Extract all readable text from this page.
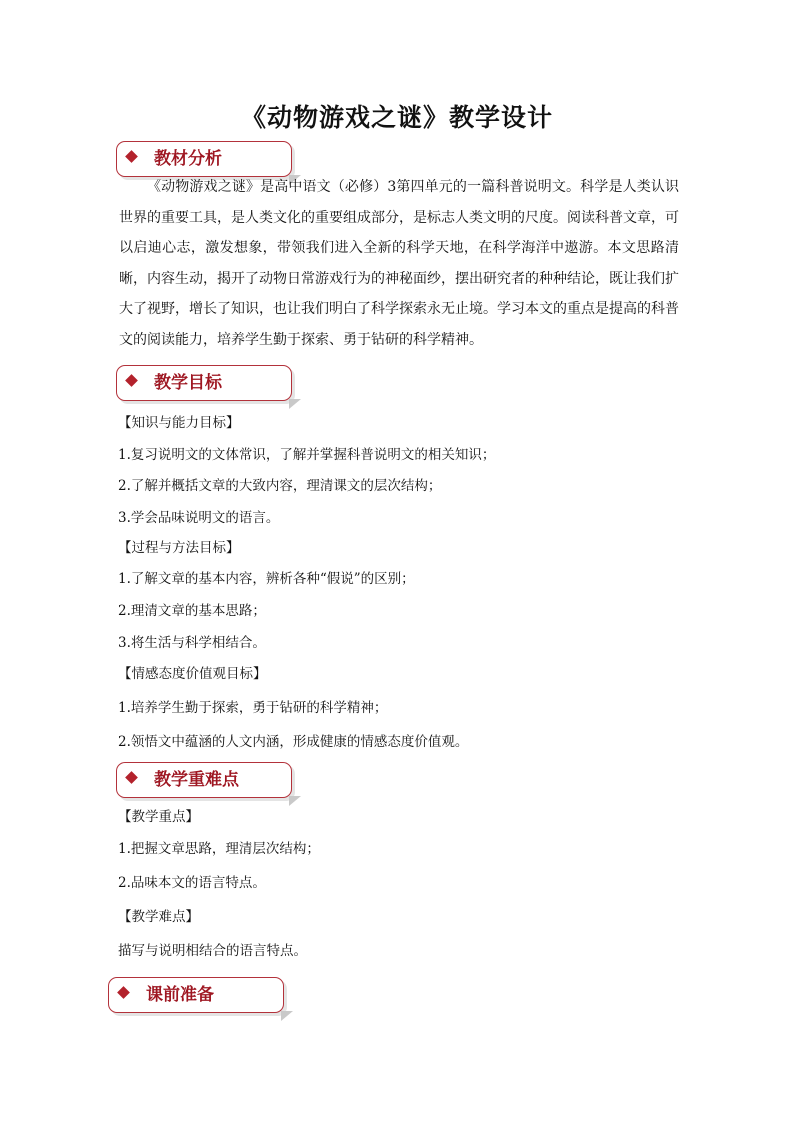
《动物游戏之谜》教学设计
教材分析

《动物游戏之谜》是高中语文（必修）3第四单元的一篇科普说明文。科学是人类认识世界的重要工具，是人类文化的重要组成部分，是标志人类文明的尺度。阅读科普文章，可以启迪心志，激发想象，带领我们进入全新的科学天地，在科学海洋中遨游。本文思路清晰，内容生动，揭开了动物日常游戏行为的神秘面纱，摆出研究者的种种结论，既让我们扩大了视野，增长了知识，也让我们明白了科学探索永无止境。学习本文的重点是提高的科普文的阅读能力，培养学生勤于探索、勇于钻研的科学精神。

教学目标

【知识与能力目标】

1.复习说明文的文体常识，了解并掌握科普说明文的相关知识；

2.了解并概括文章的大致内容，理清课文的层次结构；

3.学会品味说明文的语言。

【过程与方法目标】

1.了解文章的基本内容，辨析各种“假说”的区别；

2.理清文章的基本思路；

3.将生活与科学相结合。

【情感态度价值观目标】

1.培养学生勤于探索，勇于钻研的科学精神；

2.领悟文中蕴涵的人文内涵，形成健康的情感态度价值观。

教学重难点

【教学重点】

1.把握文章思路，理清层次结构；

2.品味本文的语言特点。

【教学难点】

描写与说明相结合的语言特点。

课前准备
